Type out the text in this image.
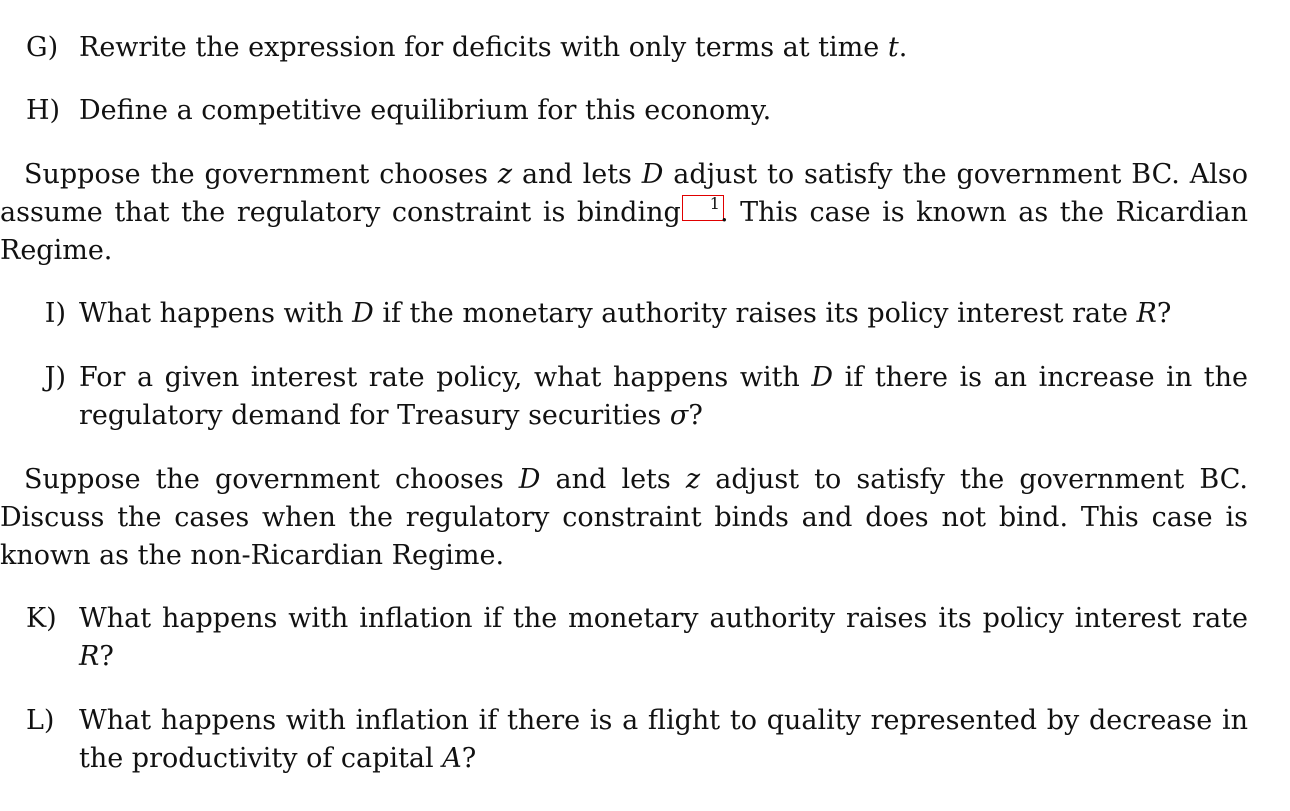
G) Rewrite the expression for deficits with only terms at time t.
H) Define a competitive equilibrium for this economy.
Suppose the government chooses z and lets D adjust to satisfy the government BC. Also assume that the regulatory constraint is binding 1. This case is known as the Ricardian Regime.
I) What happens with D if the monetary authority raises its policy interest rate R?
J) For a given interest rate policy, what happens with D if there is an increase in the regulatory demand for Treasury securities σ?
Suppose the government chooses D and lets z adjust to satisfy the government BC. Discuss the cases when the regulatory constraint binds and does not bind. This case is known as the non-Ricardian Regime.
K) What happens with inflation if the monetary authority raises its policy interest rate R?
L) What happens with inflation if there is a flight to quality represented by decrease in the productivity of capital A?
